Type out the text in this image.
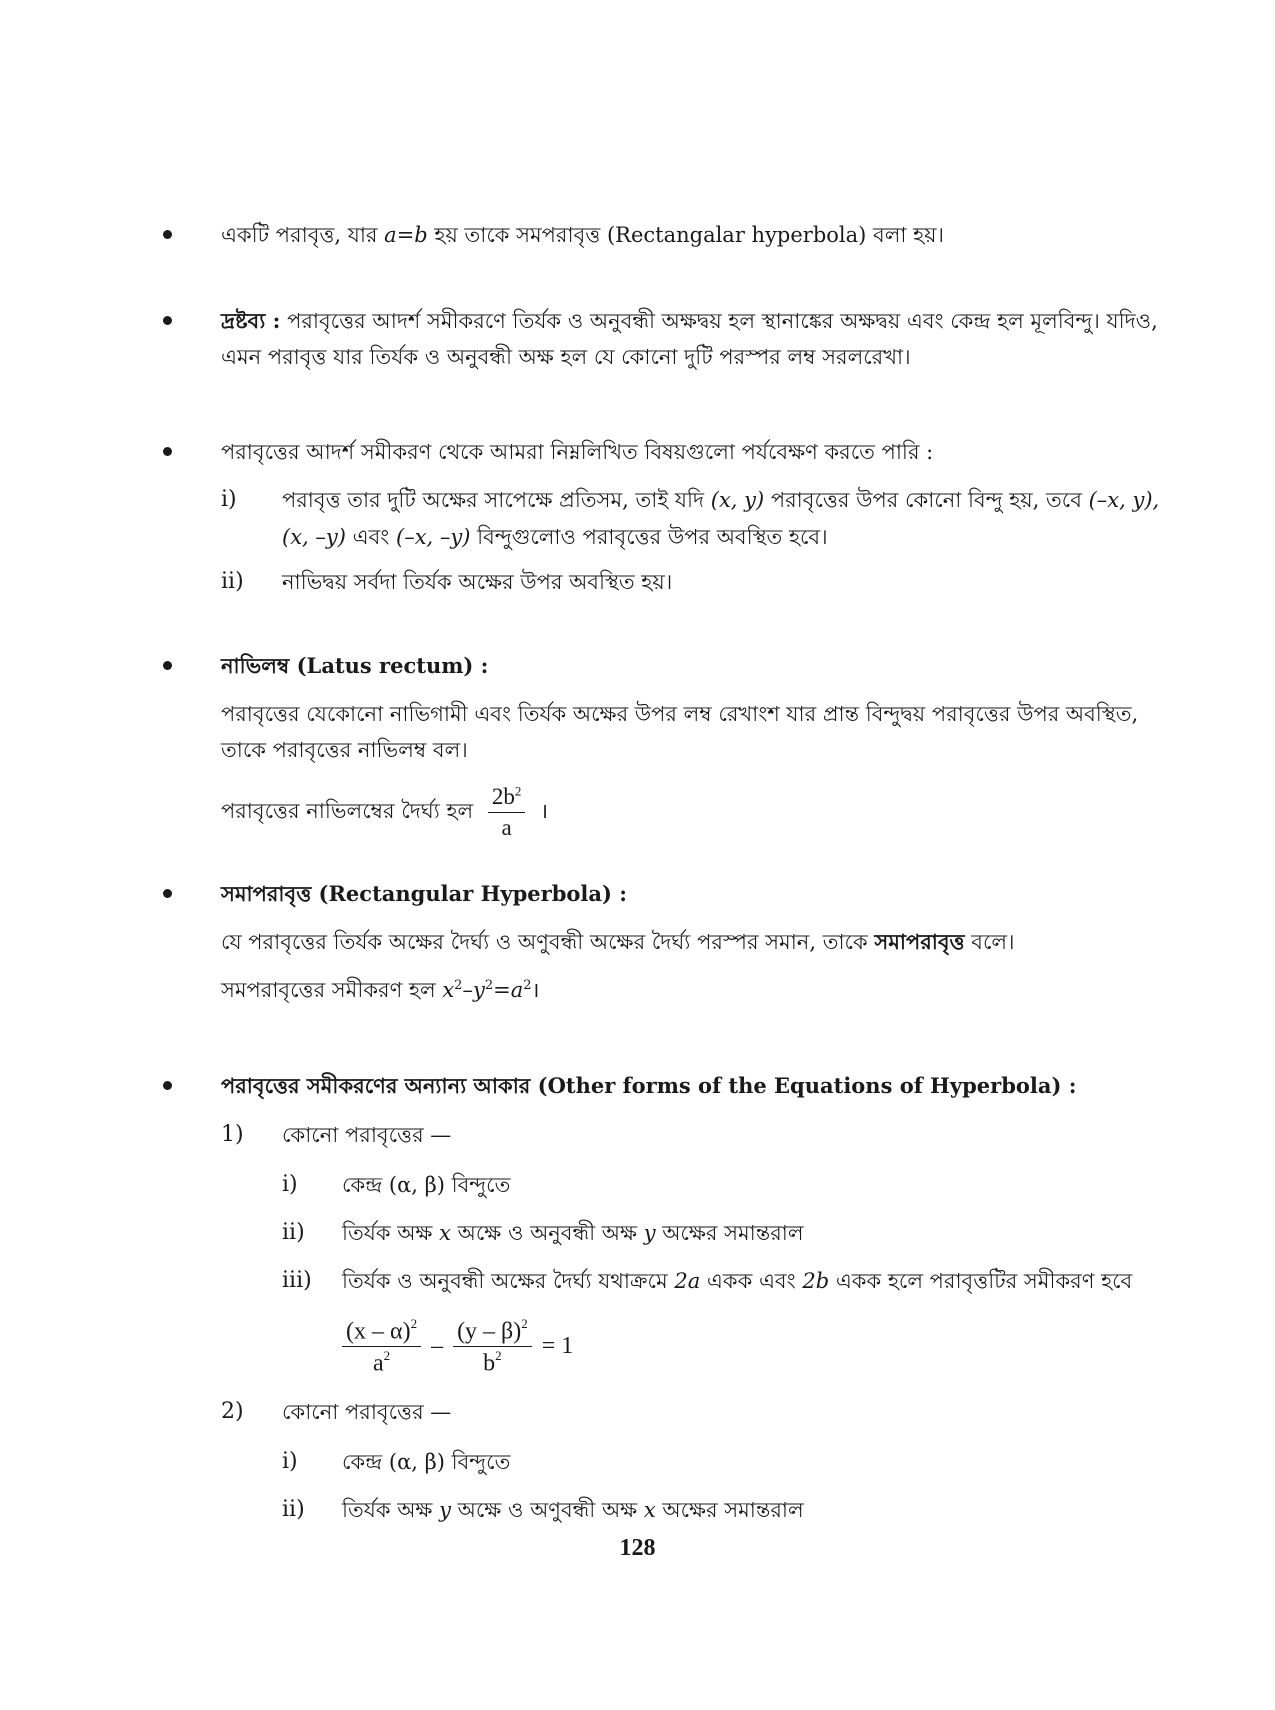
একটি পরাবৃত্ত, যার a=b হয় তাকে সমপরাবৃত্ত (Rectangalar hyperbola) বলা হয়।
দ্রষ্টব্য : পরাবৃত্তের আদর্শ সমীকরণে তির্যক ও অনুবন্ধী অক্ষদ্বয় হল স্থানাঙ্কের অক্ষদ্বয় এবং কেন্দ্র হল মূলবিন্দু। যদিও,
এমন পরাবৃত্ত যার তির্যক ও অনুবন্ধী অক্ষ হল যে কোনো দুটি পরস্পর লম্ব সরলরেখা।
পরাবৃত্তের আদর্শ সমীকরণ থেকে আমরা নিম্নলিখিত বিষয়গুলো পর্যবেক্ষণ করতে পারি :
i) পরাবৃত্ত তার দুটি অক্ষের সাপেক্ষে প্রতিসম, তাই যদি (x, y) পরাবৃত্তের উপর কোনো বিন্দু হয়, তবে (–x, y),
(x, –y) এবং (–x, –y) বিন্দুগুলোও পরাবৃত্তের উপর অবস্থিত হবে।
ii) নাভিদ্বয় সর্বদা তির্যক অক্ষের উপর অবস্থিত হয়।
নাভিলম্ব (Latus rectum) :
পরাবৃত্তের যেকোনো নাভিগামী এবং তির্যক অক্ষের উপর লম্ব রেখাংশ যার প্রান্ত বিন্দুদ্বয় পরাবৃত্তের উপর অবস্থিত,
তাকে পরাবৃত্তের নাভিলম্ব বল।
পরাবৃত্তের নাভিলম্বের দৈর্ঘ্য হল $\frac{2b^2}{a}$ ।
সমাপরাবৃত্ত (Rectangular Hyperbola) :
যে পরাবৃত্তের তির্যক অক্ষের দৈর্ঘ্য ও অণুবন্ধী অক্ষের দৈর্ঘ্য পরস্পর সমান, তাকে সমাপরাবৃত্ত বলে।
সমপরাবৃত্তের সমীকরণ হল $x^2-y^2=a^2।$
পরাবৃত্তের সমীকরণের অন্যান্য আকার (Other forms of the Equations of Hyperbola) :
1) কোনো পরাবৃত্তের —
i) কেন্দ্র (α, β) বিন্দুতে
ii) তির্যক অক্ষ x অক্ষে ও অনুবন্ধী অক্ষ y অক্ষের সমান্তরাল
iii) তির্যক ও অনুবন্ধী অক্ষের দৈর্ঘ্য যথাক্রমে 2a একক এবং 2b একক হলে পরাবৃত্তটির সমীকরণ হবে
$\frac{(x - \alpha)^2}{a^2} - \frac{(y - \beta)^2}{b^2} = 1$
2) কোনো পরাবৃত্তের —
i) কেন্দ্র (α, β) বিন্দুতে
ii) তির্যক অক্ষ y অক্ষে ও অণুবন্ধী অক্ষ x অক্ষের সমান্তরাল
128
